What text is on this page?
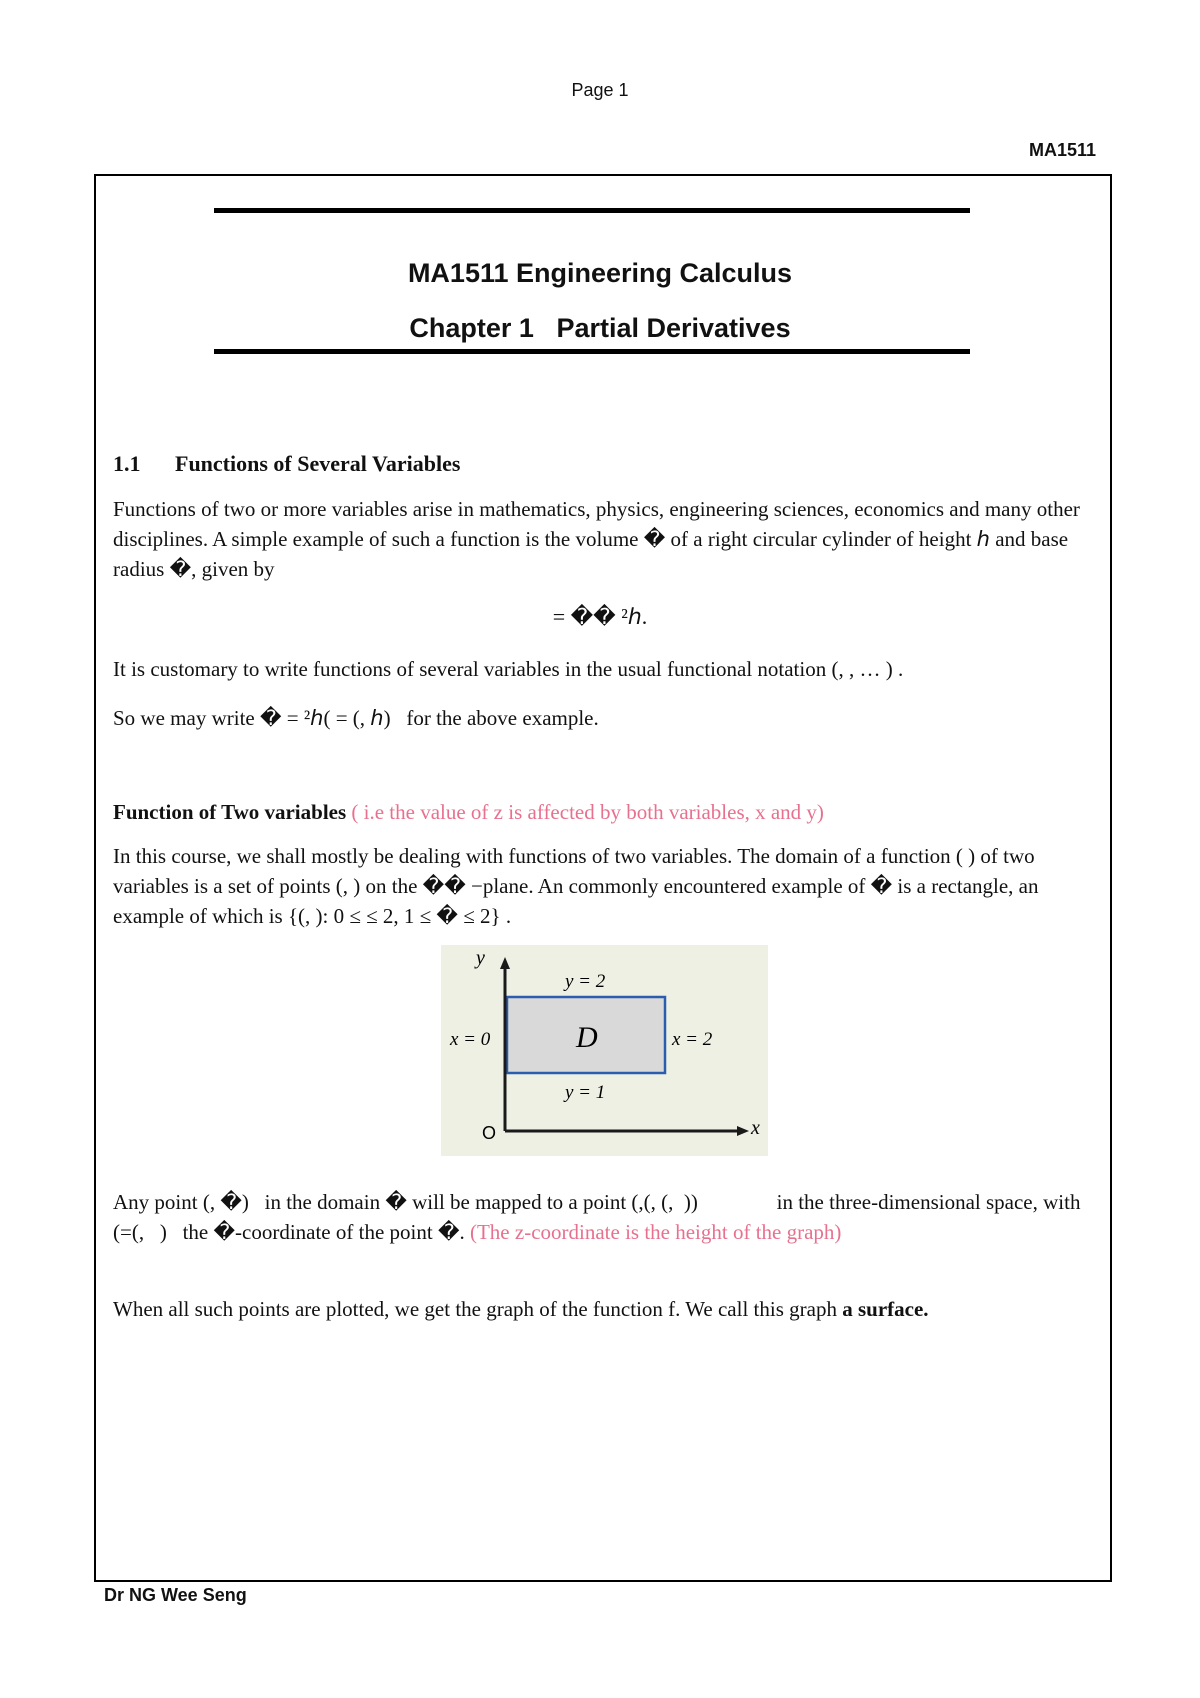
Page 1
MA1511
MA1511 Engineering Calculus
Chapter 1   Partial Derivatives
1.1 Functions of Several Variables
Functions of two or more variables arise in mathematics, physics, engineering sciences, economics and many other disciplines. A simple example of such a function is the volume � of a right circular cylinder of height ℎ and base radius �, given by
= �� ²ℎ.
It is customary to write functions of several variables in the usual functional notation (, , … ) .
So we may write � = ²ℎ( = (, ℎ)   for the above example.
Function of Two variables ( i.e the value of z is affected by both variables, x and y)
In this course, we shall mostly be dealing with functions of two variables. The domain of a function ( ) of two variables is a set of points (, ) on the �� −plane. An commonly encountered example of � is a rectangle, an example of which is {(, ): 0 ≤ ≤ 2, 1 ≤ � ≤ 2} .
y
x
O
y = 2
y = 1
x = 0	x = 2
D
Any point (, �)   in the domain � will be mapped to a point (,(, (,  ))               in the three-dimensional space, with  (=(,   )   the �-coordinate of the point �. (The z-coordinate is the height of the graph)
When all such points are plotted, we get the graph of the function f. We call this graph a surface.
Dr NG Wee Seng
